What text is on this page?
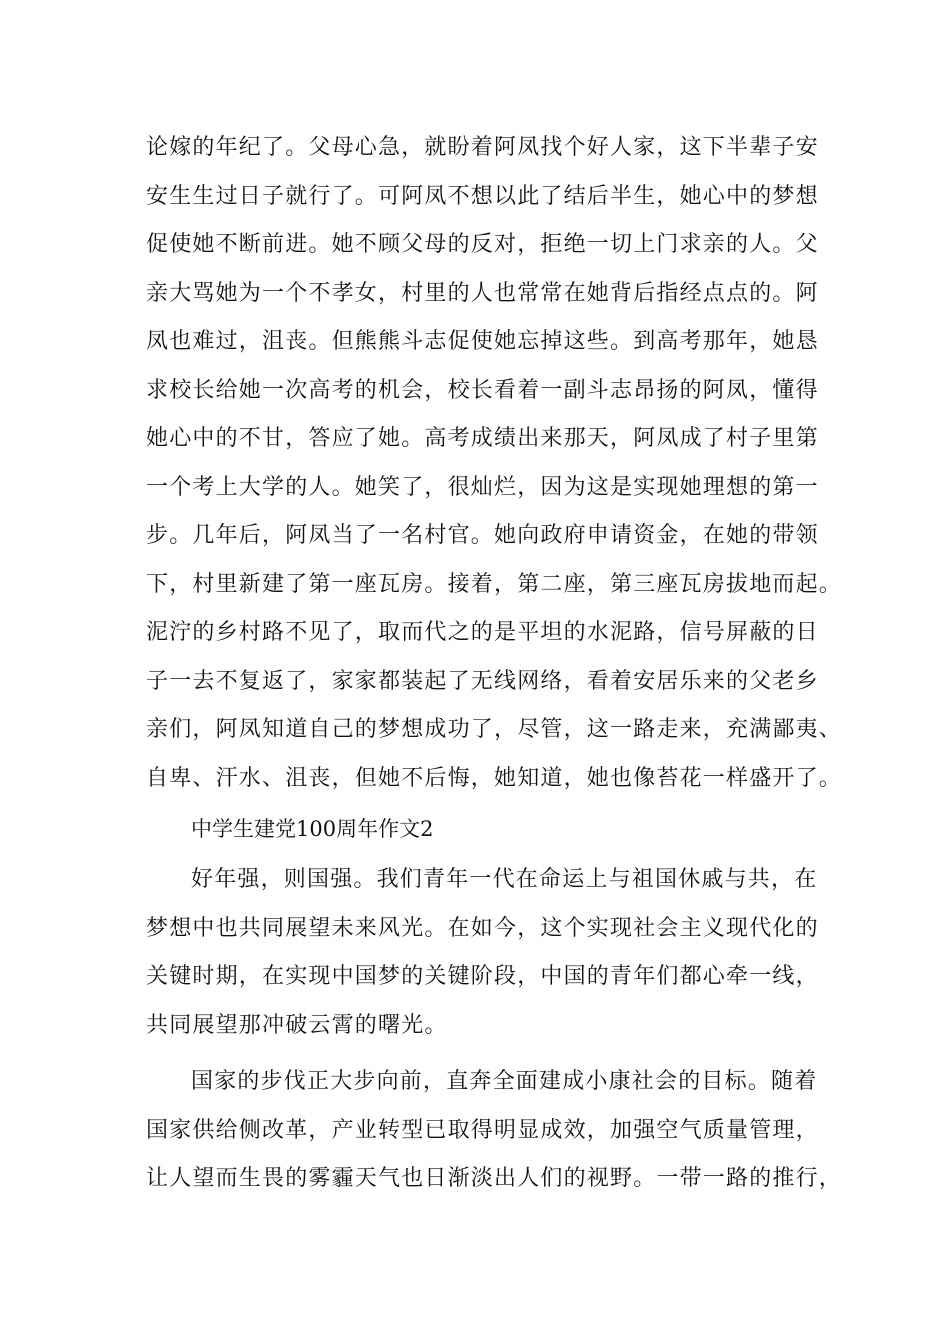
论嫁的年纪了。父母心急，就盼着阿凤找个好人家，这下半辈子安
安生生过日子就行了。可阿凤不想以此了结后半生，她心中的梦想
促使她不断前进。她不顾父母的反对，拒绝一切上门求亲的人。父
亲大骂她为一个不孝女，村里的人也常常在她背后指经点点的。阿
凤也难过，沮丧。但熊熊斗志促使她忘掉这些。到高考那年，她恳
求校长给她一次高考的机会，校长看着一副斗志昂扬的阿凤，懂得
她心中的不甘，答应了她。高考成绩出来那天，阿凤成了村子里第
一个考上大学的人。她笑了，很灿烂，因为这是实现她理想的第一
步。几年后，阿凤当了一名村官。她向政府申请资金，在她的带领
下，村里新建了第一座瓦房。接着，第二座，第三座瓦房拔地而起。
泥泞的乡村路不见了，取而代之的是平坦的水泥路，信号屏蔽的日
子一去不复返了，家家都装起了无线网络，看着安居乐来的父老乡
亲们，阿凤知道自己的梦想成功了，尽管，这一路走来，充满鄙夷、
自卑、汗水、沮丧，但她不后悔，她知道，她也像苔花一样盛开了。
中学生建党100周年作文2
好年强，则国强。我们青年一代在命运上与祖国休戚与共，在
梦想中也共同展望未来风光。在如今，这个实现社会主义现代化的
关键时期，在实现中国梦的关键阶段，中国的青年们都心牵一线，
共同展望那冲破云霄的曙光。
国家的步伐正大步向前，直奔全面建成小康社会的目标。随着
国家供给侧改革，产业转型已取得明显成效，加强空气质量管理，
让人望而生畏的雾霾天气也日渐淡出人们的视野。一带一路的推行，
